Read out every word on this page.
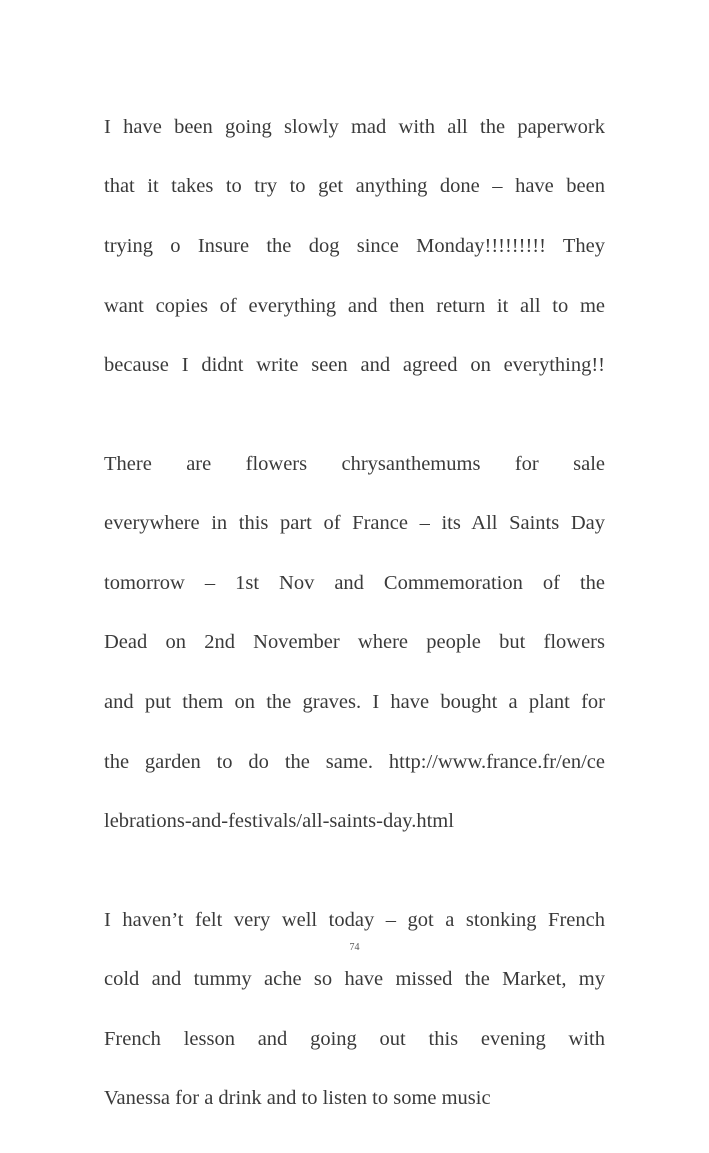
I have been going slowly mad with all the paperwork

that it takes to try to get anything done – have been

trying o Insure the dog since Monday!!!!!!!!! They

want copies of everything and then return it all to me

because I didnt write seen and agreed on everything!!

There are flowers chrysanthemums for sale

everywhere in this part of France – its All Saints Day

tomorrow – 1st Nov and Commemoration of the

Dead on 2nd November where people but flowers

and put them on the graves. I have bought a plant for

the garden to do the same. http://www.france.fr/en/ce

lebrations-and-festivals/all-saints-day.html

I haven’t felt very well today – got a stonking French

cold and tummy ache so have missed the Market, my

French lesson and going out this evening with

Vanessa for a drink and to listen to some music

74
